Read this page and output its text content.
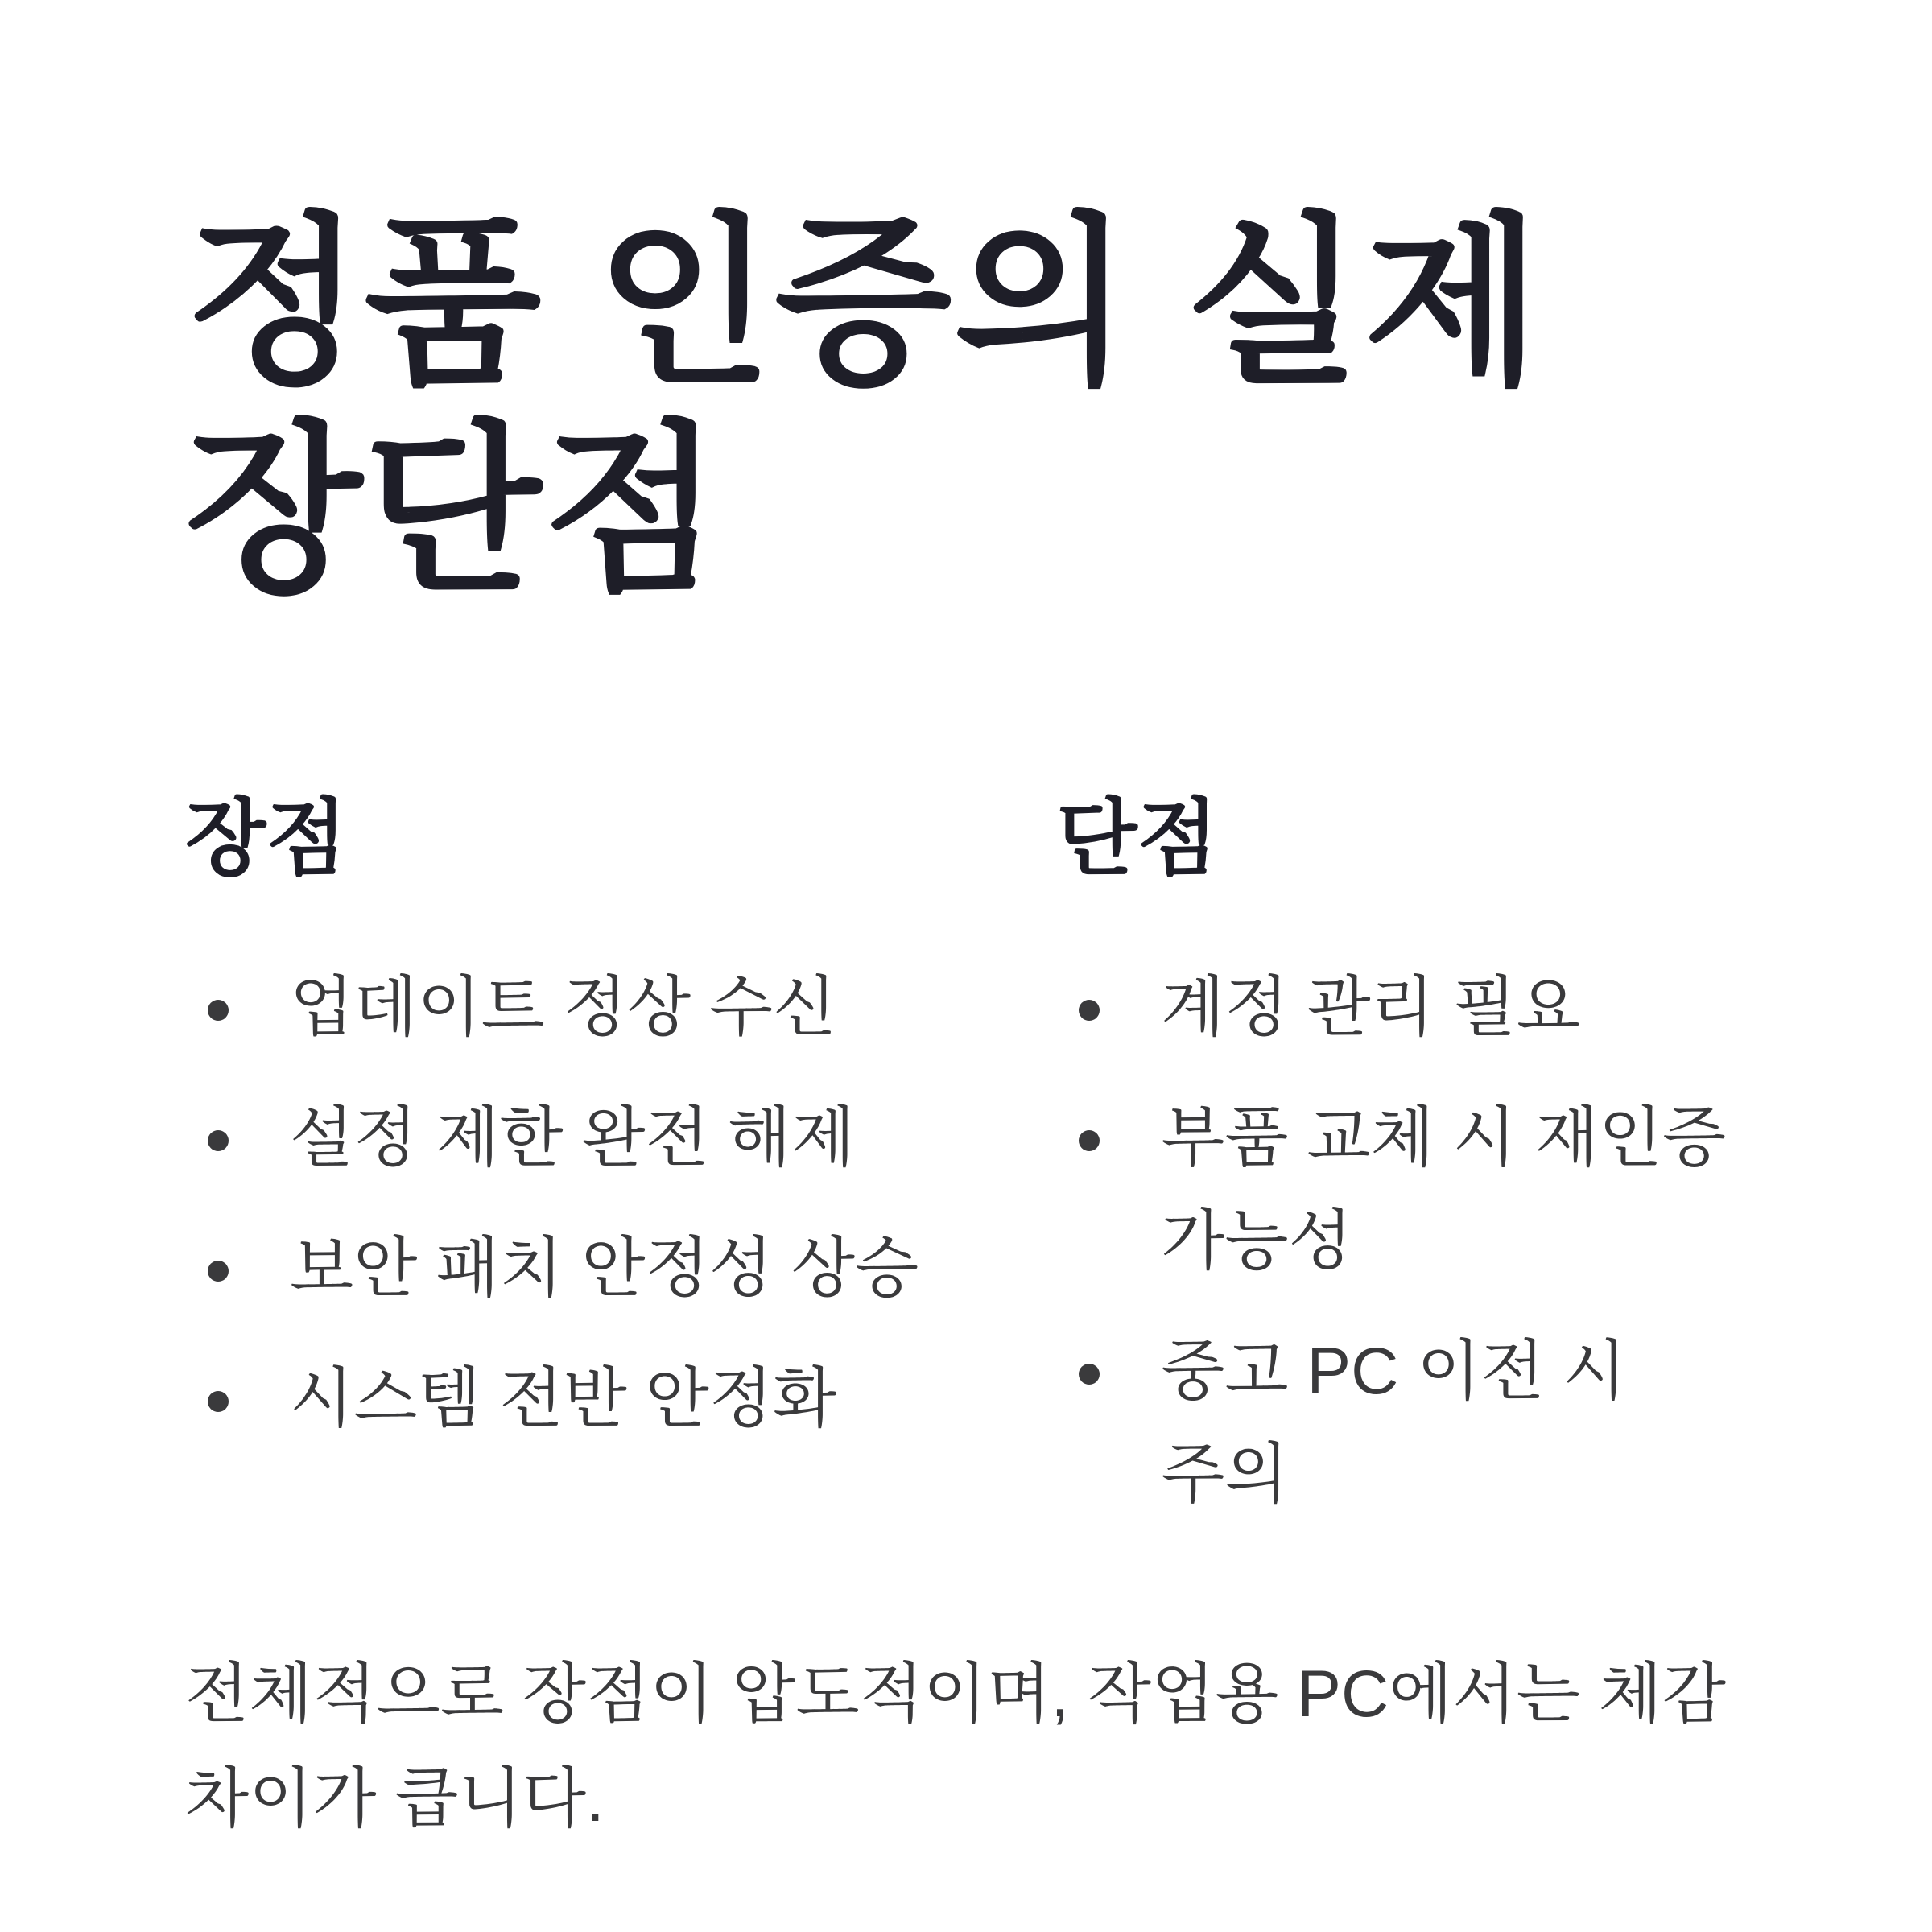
정품 인증의 실제 장단점
장점
업데이트 정상 수신
설정 제한 완전 해제
보안 패치 안정성 상승
시스템 전반 안정화
단점
계정 관리 필요
부품 교체 시 재인증 가능성
중고 PC 이전 시 주의

전체적으로 장점이 압도적이며, 작업용 PC에서는 체감 차이가 큽니다.
